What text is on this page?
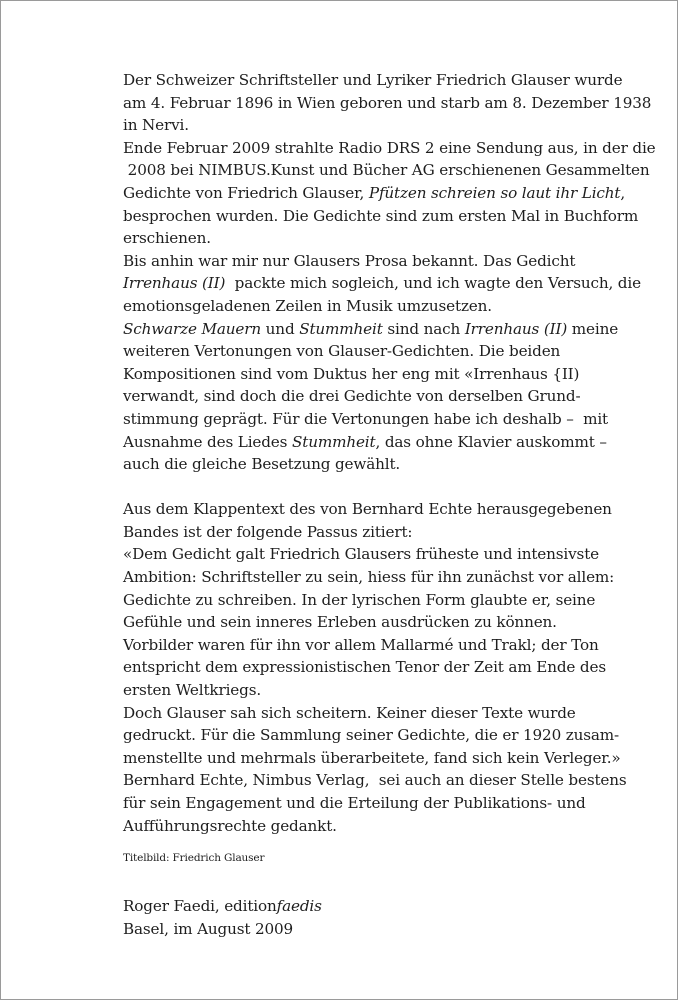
Der Schweizer Schriftsteller und Lyriker Friedrich Glauser wurde
am 4. Februar 1896 in Wien geboren und starb am 8. Dezember 1938
in Nervi.
Ende Februar 2009 strahlte Radio DRS 2 eine Sendung aus, in der die
2008 bei NIMBUS.Kunst und Bücher AG erschienenen Gesammelten
Gedichte von Friedrich Glauser, Pfützen schreien so laut ihr Licht,
besprochen wurden. Die Gedichte sind zum ersten Mal in Buchform
erschienen.
Bis anhin war mir nur Glausers Prosa bekannt. Das Gedicht
Irrenhaus (II)  packte mich sogleich, und ich wagte den Versuch, die
emotionsgeladenen Zeilen in Musik umzusetzen.
Schwarze Mauern und Stummheit sind nach Irrenhaus (II) meine
weiteren Vertonungen von Glauser-Gedichten. Die beiden
Kompositionen sind vom Duktus her eng mit «Irrenhaus {II)
verwandt, sind doch die drei Gedichte von derselben Grund-
stimmung geprägt. Für die Vertonungen habe ich deshalb –  mit
Ausnahme des Liedes Stummheit, das ohne Klavier auskommt –
auch die gleiche Besetzung gewählt.
Aus dem Klappentext des von Bernhard Echte herausgegebenen
Bandes ist der folgende Passus zitiert:
«Dem Gedicht galt Friedrich Glausers früheste und intensivste
Ambition: Schriftsteller zu sein, hiess für ihn zunächst vor allem:
Gedichte zu schreiben. In der lyrischen Form glaubte er, seine
Gefühle und sein inneres Erleben ausdrücken zu können.
Vorbilder waren für ihn vor allem Mallarmé und Trakl; der Ton
entspricht dem expressionistischen Tenor der Zeit am Ende des
ersten Weltkriegs.
Doch Glauser sah sich scheitern. Keiner dieser Texte wurde
gedruckt. Für die Sammlung seiner Gedichte, die er 1920 zusam-
menstellte und mehrmals überarbeitete, fand sich kein Verleger.»
Bernhard Echte, Nimbus Verlag,  sei auch an dieser Stelle bestens
für sein Engagement und die Erteilung der Publikations- und
Aufführungsrechte gedankt.
Titelbild: Friedrich Glauser
Roger Faedi, editionfaedis
Basel, im August 2009
